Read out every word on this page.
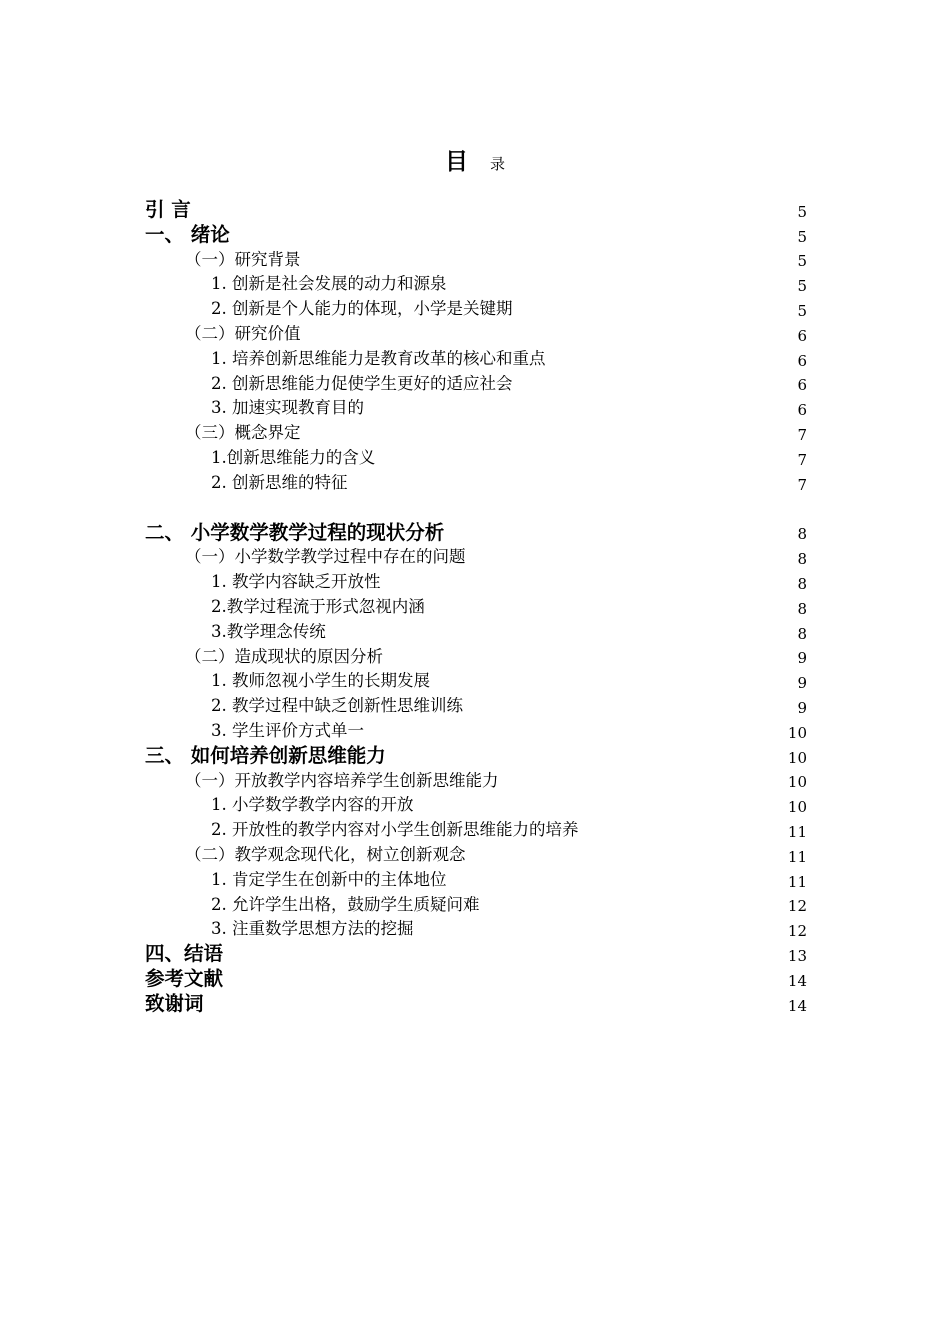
目 录
引 言	5
一、 绪论	5
（一）研究背景	5
1. 创新是社会发展的动力和源泉	5
2. 创新是个人能力的体现，小学是关键期	5
（二）研究价值	6
1. 培养创新思维能力是教育改革的核心和重点	6
2. 创新思维能力促使学生更好的适应社会	6
3. 加速实现教育目的	6
（三）概念界定	7
1.创新思维能力的含义	7
2. 创新思维的特征	7
二、 小学数学教学过程的现状分析	8
（一）小学数学教学过程中存在的问题	8
1. 教学内容缺乏开放性	8
2.教学过程流于形式忽视内涵	8
3.教学理念传统	8
（二）造成现状的原因分析	9
1. 教师忽视小学生的长期发展	9
2. 教学过程中缺乏创新性思维训练	9
3. 学生评价方式单一	10
三、 如何培养创新思维能力	10
（一）开放教学内容培养学生创新思维能力	10
1. 小学数学教学内容的开放	10
2. 开放性的教学内容对小学生创新思维能力的培养	11
（二）教学观念现代化，树立创新观念	11
1. 肯定学生在创新中的主体地位	11
2. 允许学生出格，鼓励学生质疑问难	12
3. 注重数学思想方法的挖掘	12
四、结语	13
参考文献	14
致谢词	14
